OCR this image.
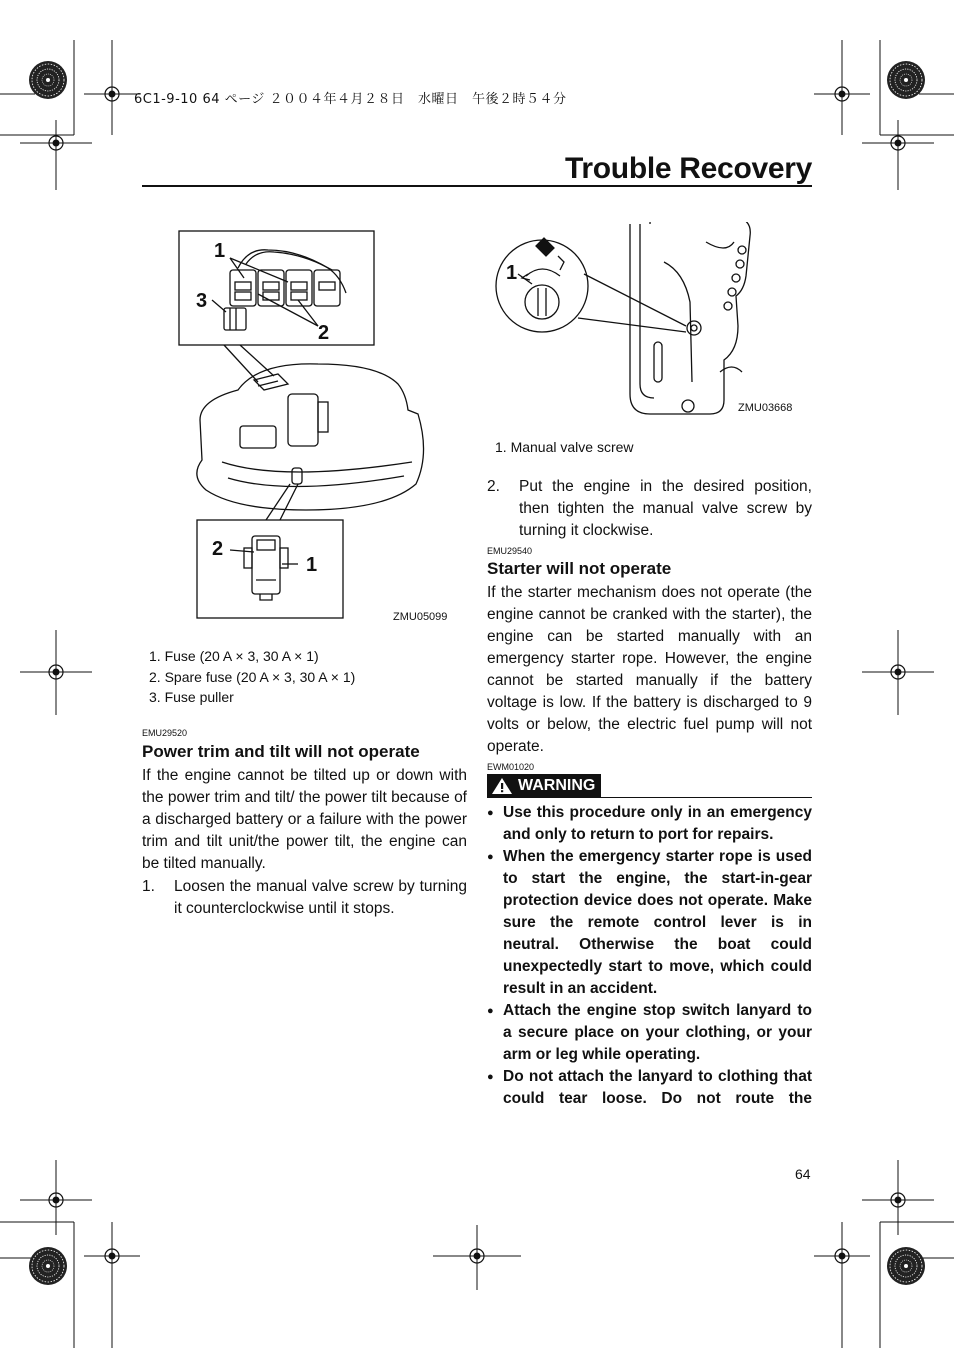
6C1-9-10 64 ページ ２００４年４月２８日　水曜日　午後２時５４分
Trouble Recovery
1
3
2
2
1
ZMU05099
1. Fuse (20 A × 3, 30 A × 1)
2. Spare fuse (20 A × 3, 30 A × 1)
3. Fuse puller
EMU29520
Power trim and tilt will not operate
If the engine cannot be tilted up or down with the power trim and tilt/ the power tilt because of a discharged battery or a failure with the power trim and tilt unit/the power tilt, the engine can be tilted manually.
1.	Loosen the manual valve screw by turning it counterclockwise until it stops.
1
ZMU03668
1. Manual valve screw
2.	Put the engine in the desired position, then tighten the manual valve screw by turning it clockwise.
EMU29540
Starter will not operate
If the starter mechanism does not operate (the engine cannot be cranked with the starter), the engine can be started manually with an emergency starter rope. However, the engine cannot be started manually if the battery voltage is low. If the battery is discharged to 9 volts or below, the electric fuel pump will not operate.
EWM01020
WARNING
● Use this procedure only in an emergency and only to return to port for repairs.
● When the emergency starter rope is used to start the engine, the start-in-gear protection device does not operate. Make sure the remote control lever is in neutral. Otherwise the boat could unexpectedly start to move, which could result in an accident.
● Attach the engine stop switch lanyard to a secure place on your clothing, or your arm or leg while operating.
● Do not attach the lanyard to clothing that could tear loose. Do not route the
64
